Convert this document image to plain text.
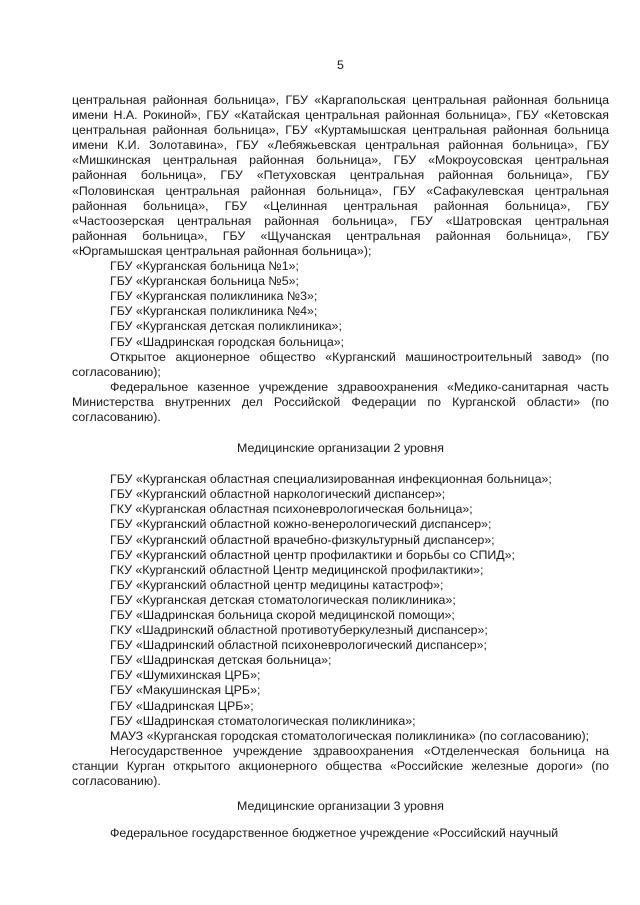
5

центральная районная больница», ГБУ «Каргапольская центральная районная больница имени Н.А. Рокиной», ГБУ «Катайская центральная районная больница», ГБУ «Кетовская центральная районная больница», ГБУ «Куртамышская центральная районная больница имени К.И. Золотавина», ГБУ «Лебяжьевская центральная районная больница», ГБУ «Мишкинская центральная районная больница», ГБУ «Мокроусовская центральная районная больница», ГБУ «Петуховская центральная районная больница», ГБУ «Половинская центральная районная больница», ГБУ «Сафакулевская центральная районная больница», ГБУ «Целинная центральная районная больница», ГБУ «Частоозерская центральная районная больница», ГБУ «Шатровская центральная районная больница», ГБУ «Щучанская центральная районная больница», ГБУ «Юргамышская центральная районная больница»);

ГБУ «Курганская больница №1»;

ГБУ «Курганская больница №5»;

ГБУ «Курганская поликлиника №3»;

ГБУ «Курганская поликлиника №4»;

ГБУ «Курганская детская поликлиника»;

ГБУ «Шадринская городская больница»;

Открытое акционерное общество «Курганский машиностроительный завод» (по согласованию);

Федеральное казенное учреждение здравоохранения «Медико-санитарная часть Министерства внутренних дел Российской Федерации по Курганской области» (по согласованию).

Медицинские организации 2 уровня

ГБУ «Курганская областная специализированная инфекционная больница»;

ГБУ «Курганский областной наркологический диспансер»;

ГКУ «Курганская областная психоневрологическая больница»;

ГБУ «Курганский областной кожно-венерологический диспансер»;

ГБУ «Курганский областной врачебно-физкультурный диспансер»;

ГБУ «Курганский областной центр профилактики и борьбы со СПИД»;

ГКУ «Курганский областной Центр медицинской профилактики»;

ГБУ «Курганский областной центр медицины катастроф»;

ГБУ «Курганская детская стоматологическая поликлиника»;

ГБУ «Шадринская больница скорой медицинской помощи»;

ГКУ «Шадринский областной противотуберкулезный диспансер»;

ГБУ «Шадринский областной психоневрологический диспансер»;

ГБУ «Шадринская детская больница»;

ГБУ «Шумихинская ЦРБ»;

ГБУ «Макушинская ЦРБ»;

ГБУ «Шадринская ЦРБ»;

ГБУ «Шадринская стоматологическая поликлиника»;

МАУЗ «Курганская городская стоматологическая поликлиника» (по согласованию);

Негосударственное учреждение здравоохранения «Отделенческая больница на станции Курган открытого акционерного общества «Российские железные дороги» (по согласованию).

Медицинские организации 3 уровня

Федеральное государственное бюджетное учреждение «Российский научный
